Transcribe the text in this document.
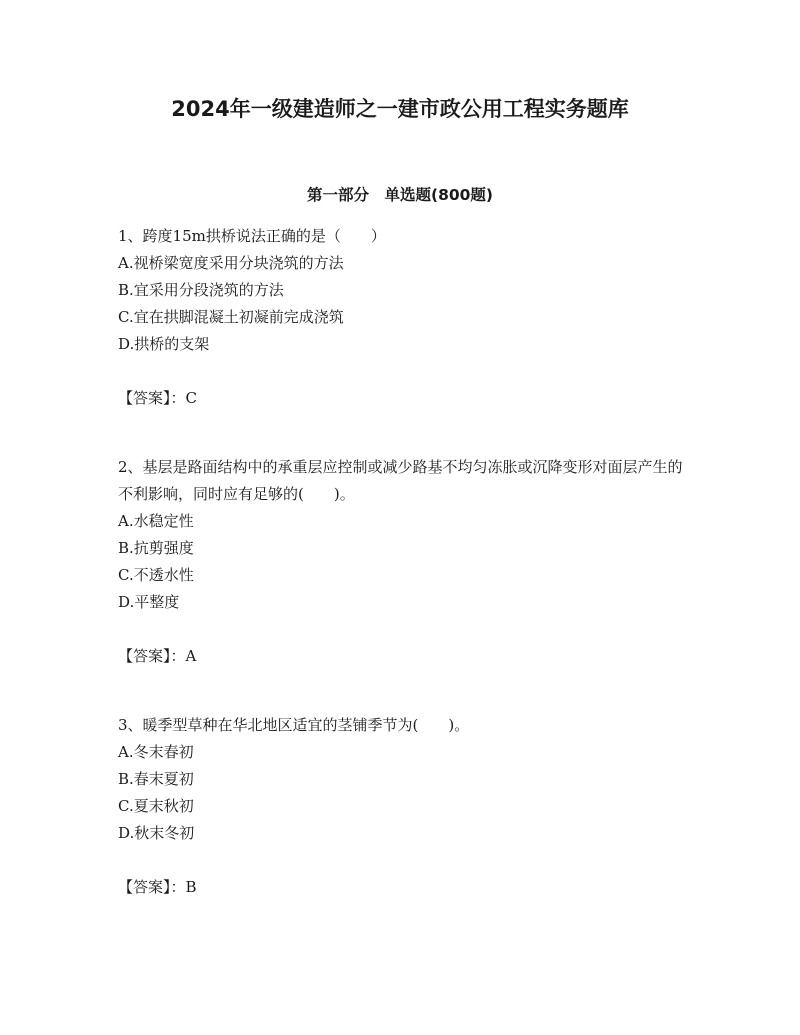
2024年一级建造师之一建市政公用工程实务题库
第一部分　单选题(800题)

1、跨度15m拱桥说法正确的是（　　）

A.视桥梁宽度采用分块浇筑的方法
B.宜采用分段浇筑的方法
C.宜在拱脚混凝土初凝前完成浇筑
D.拱桥的支架
【答案】：C

2、基层是路面结构中的承重层应控制或减少路基不均匀冻胀或沉降变形对面层产生的不利影响，同时应有足够的(　　)。

A.水稳定性
B.抗剪强度
C.不透水性
D.平整度
【答案】：A

3、暖季型草种在华北地区适宜的茎铺季节为(　　)。

A.冬末春初
B.春末夏初
C.夏末秋初
D.秋末冬初
【答案】：B
